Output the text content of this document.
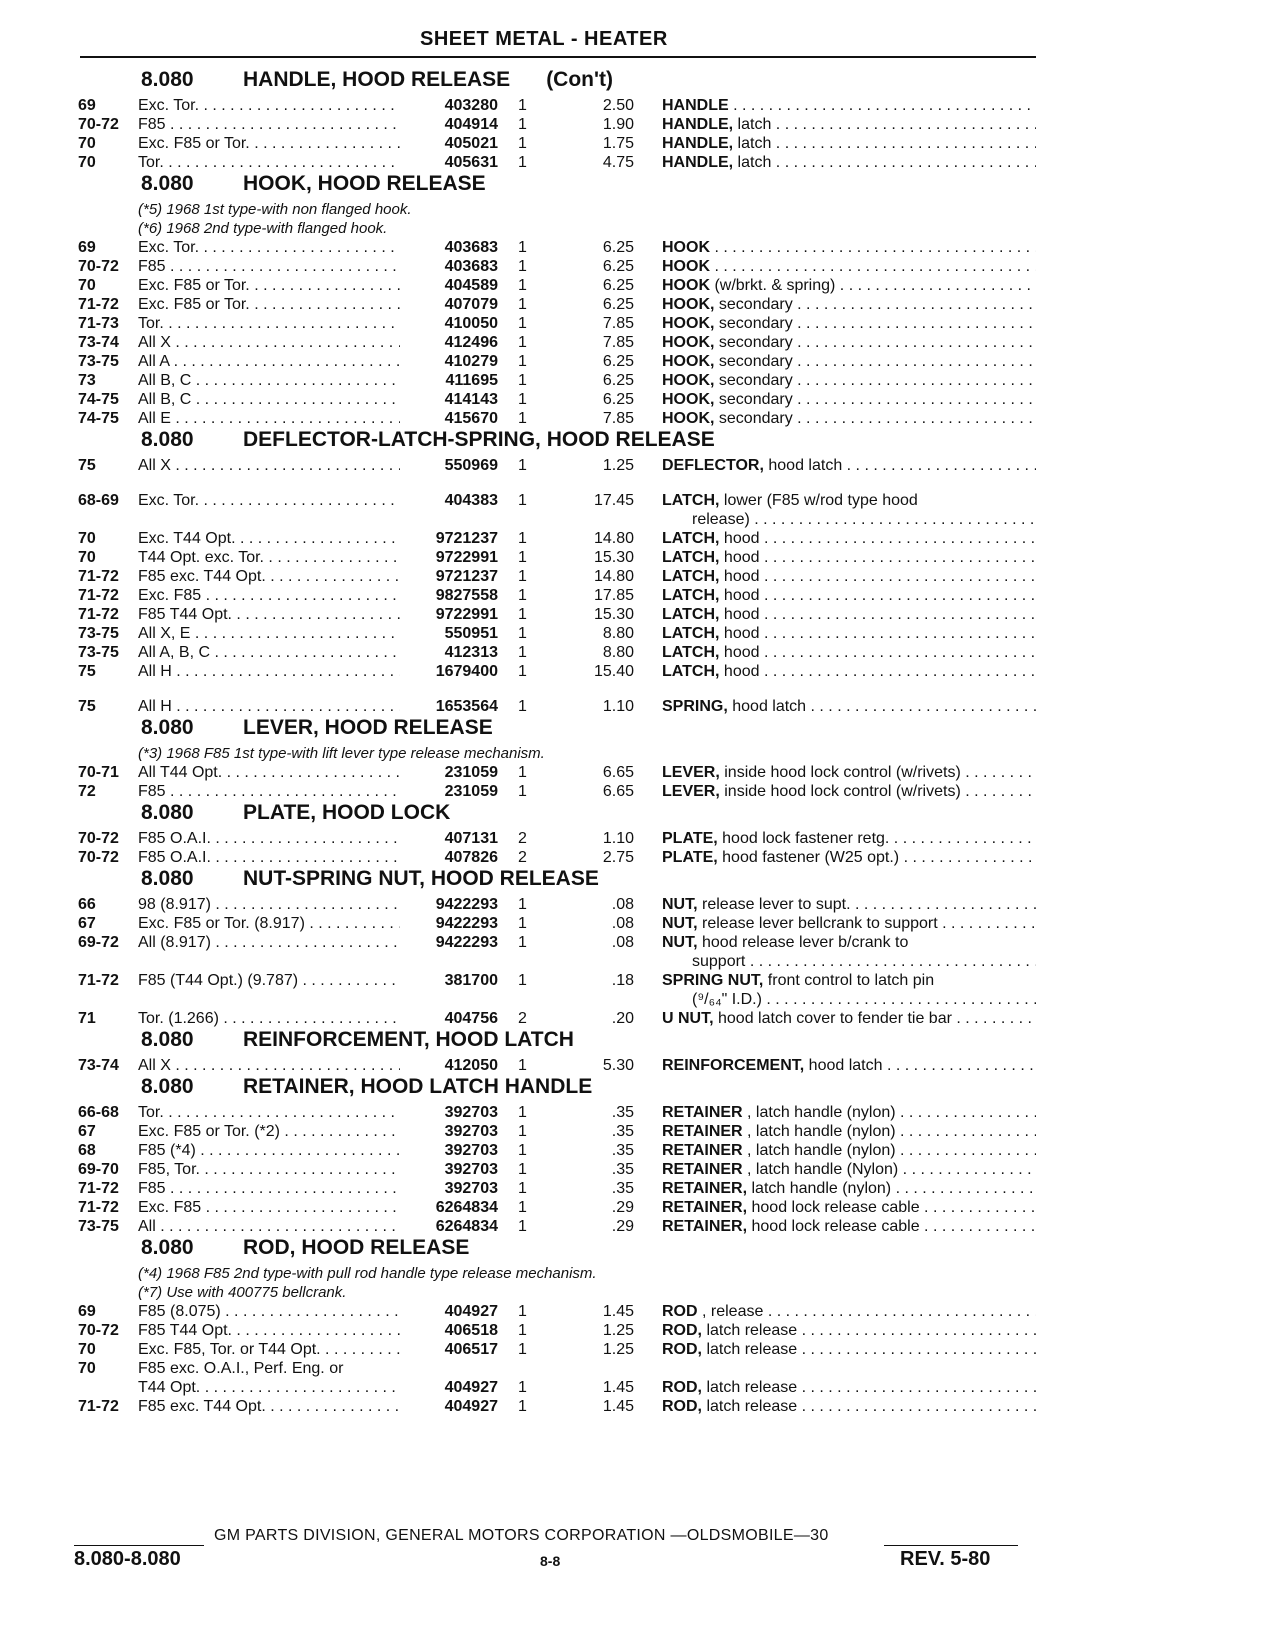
SHEET METAL - HEATER
8.080 HANDLE, HOOD RELEASE (Con't)
69	Exc. Tor. . . .	403280 1	2.50 HANDLE . . .
70-72	F85 . . .	404914 1	1.90 HANDLE, latch . . .
70	Exc. F85 or Tor. . . .	405021 1	1.75 HANDLE, latch . . .
70	Tor. . . .	405631 1	4.75 HANDLE, latch . . .
8.080 HOOK, HOOD RELEASE
(*5) 1968 1st type-with non flanged hook.
(*6) 1968 2nd type-with flanged hook.
69	Exc. Tor. . . .	403683 1	6.25 HOOK . . .
70-72	F85 . . .	403683 1	6.25 HOOK . . .
70	Exc. F85 or Tor. . . .	404589 1	6.25 HOOK (w/brkt. & spring) . . .
71-72	Exc. F85 or Tor. . . .	407079 1	6.25 HOOK, secondary . . .
71-73	Tor. . . .	410050 1	7.85 HOOK, secondary . . .
73-74	All X . . .	412496 1	7.85 HOOK, secondary . . .
73-75	All A . . .	410279 1	6.25 HOOK, secondary . . .
73	All B, C . . .	411695 1	6.25 HOOK, secondary . . .
74-75	All B, C . . .	414143 1	6.25 HOOK, secondary . . .
74-75	All E . . .	415670 1	7.85 HOOK, secondary . . .
8.080 DEFLECTOR-LATCH-SPRING, HOOD RELEASE
75	All X . . .	550969 1	1.25 DEFLECTOR, hood latch . . .
68-69	Exc. Tor. . . .	404383 1	17.45 LATCH, lower (F85 w/rod type hood
release) . . .
70	Exc. T44 Opt. . . .	9721237 1	14.80 LATCH, hood . . .
70	T44 Opt. exc. Tor. . . .	9722991 1	15.30 LATCH, hood . . .
71-72	F85 exc. T44 Opt. . . .	9721237 1	14.80 LATCH, hood . . .
71-72	Exc. F85 . . .	9827558 1	17.85 LATCH, hood . . .
71-72	F85 T44 Opt. . . .	9722991 1	15.30 LATCH, hood . . .
73-75	All X, E . . .	550951 1	8.80 LATCH, hood . . .
73-75	All A, B, C . . .	412313 1	8.80 LATCH, hood . . .
75	All H . . .	1679400 1	15.40 LATCH, hood . . .
75	All H . . .	1653564 1	1.10 SPRING, hood latch . . .
8.080 LEVER, HOOD RELEASE
(*3) 1968 F85 1st type-with lift lever type release mechanism.
70-71	All T44 Opt. . . .	231059 1	6.65 LEVER, inside hood lock control (w/rivets) . . . .
72	F85 . . .	231059 1	6.65 LEVER, inside hood lock control (w/rivets) . . . .
8.080 PLATE, HOOD LOCK
70-72	F85 O.A.I. . . .	407131 2	1.10 PLATE, hood lock fastener retg. . . .
70-72	F85 O.A.I. . . .	407826 2	2.75 PLATE, hood fastener (W25 opt.) . . .
8.080 NUT-SPRING NUT, HOOD RELEASE
66	98 (8.917) . . .	9422293 1	.08 NUT, release lever to supt. . . .
67	Exc. F85 or Tor. (8.917) . . .	9422293 1	.08 NUT, release lever bellcrank to support . . . . . .
69-72	All (8.917) . . .	9422293 1	.08 NUT, hood release lever b/crank to
support . . .
71-72	F85 (T44 Opt.) (9.787) . . .	381700 1	.18 SPRING NUT, front control to latch pin
(⁹/₆₄" I.D.) . . .
71	Tor. (1.266) . . .	404756 2	.20 U NUT, hood latch cover to fender tie bar . . . .
8.080 REINFORCEMENT, HOOD LATCH
73-74	All X . . .	412050 1	5.30 REINFORCEMENT, hood latch . . .
8.080 RETAINER, HOOD LATCH HANDLE
66-68	Tor. . . .	392703 1	.35 RETAINER , latch handle (nylon) . . .
67	Exc. F85 or Tor. (*2) . . .	392703 1	.35 RETAINER , latch handle (nylon) . . .
68	F85 (*4) . . .	392703 1	.35 RETAINER , latch handle (nylon) . . .
69-70	F85, Tor. . . .	392703 1	.35 RETAINER , latch handle (Nylon) . . .
71-72	F85 . . .	392703 1	.35 RETAINER, latch handle (nylon) . . .
71-72	Exc. F85 . . .	6264834 1	.29 RETAINER, hood lock release cable . . .
73-75	All . . .	6264834 1	.29 RETAINER, hood lock release cable . . .
8.080 ROD, HOOD RELEASE
(*4) 1968 F85 2nd type-with pull rod handle type release mechanism.
(*7) Use with 400775 bellcrank.
69	F85 (8.075) . . .	404927 1	1.45 ROD , release . . .
70-72	F85 T44 Opt. . . .	406518 1	1.25 ROD, latch release . . .
70	Exc. F85, Tor. or T44 Opt. . . .	406517 1	1.25 ROD, latch release . . .
70	F85 exc. O.A.I., Perf. Eng. or
T44 Opt. . . .	404927 1	1.45 ROD, latch release . . .
71-72	F85 exc. T44 Opt. . . .	404927 1	1.45 ROD, latch release . . .
GM PARTS DIVISION, GENERAL MOTORS CORPORATION —OLDSMOBILE—30
8.080-8.080	8-8	REV. 5-80
